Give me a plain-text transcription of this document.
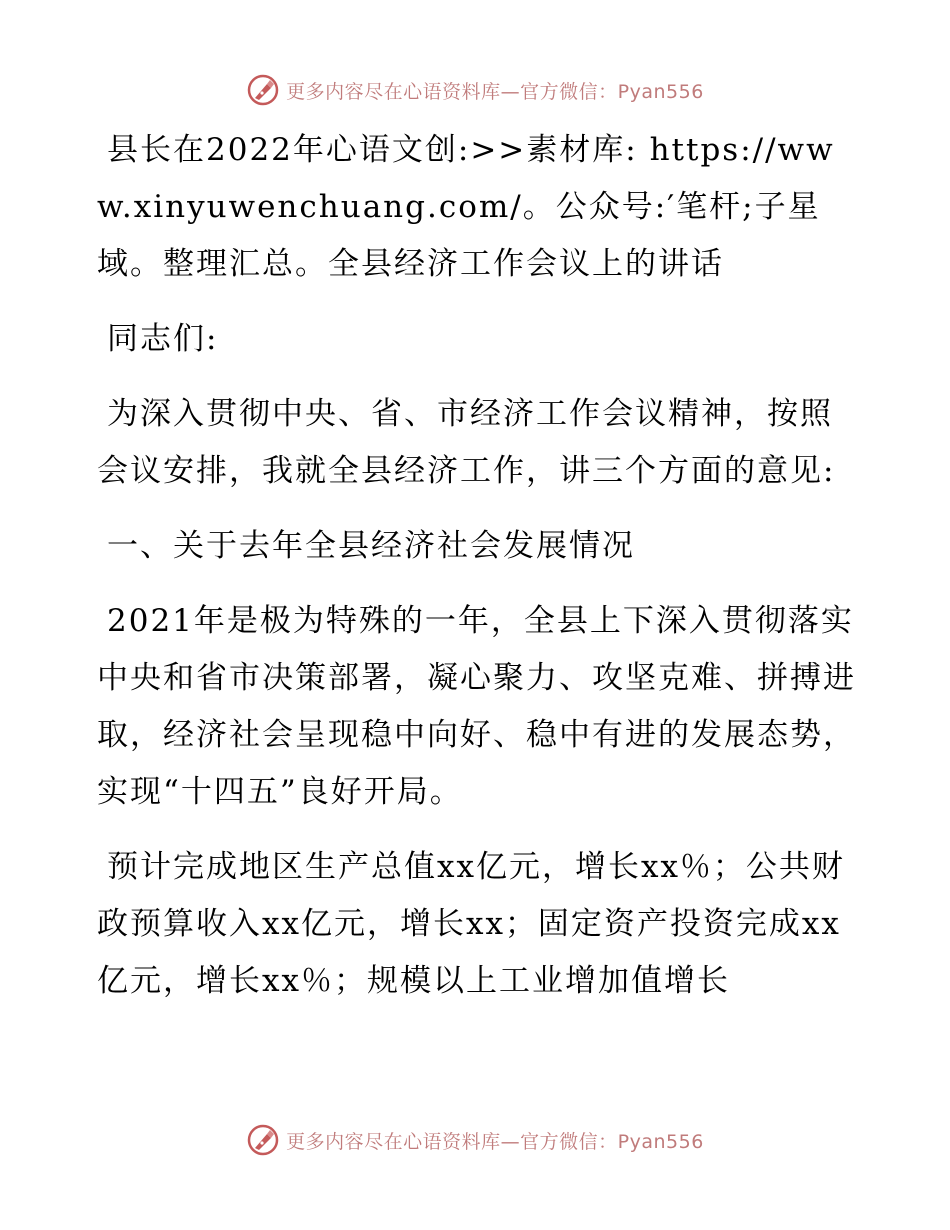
更多内容尽在心语资料库—官方微信：Pyan556

县长在2022年心语文创:>>素材库: https://www.xinyuwenchuang.com/。公众号:′笔杆;子星域。整理汇总。全县经济工作会议上的讲话

同志们:

为深入贯彻中央、省、市经济工作会议精神，按照会议安排，我就全县经济工作，讲三个方面的意见:

一、关于去年全县经济社会发展情况

2021年是极为特殊的一年，全县上下深入贯彻落实中央和省市决策部署，凝心聚力、攻坚克难、拼搏进取，经济社会呈现稳中向好、稳中有进的发展态势，实现“十四五”良好开局。

预计完成地区生产总值xx亿元，增长xx％；公共财政预算收入xx亿元，增长xx；固定资产投资完成xx亿元，增长xx％；规模以上工业增加值增长

更多内容尽在心语资料库—官方微信：Pyan556
